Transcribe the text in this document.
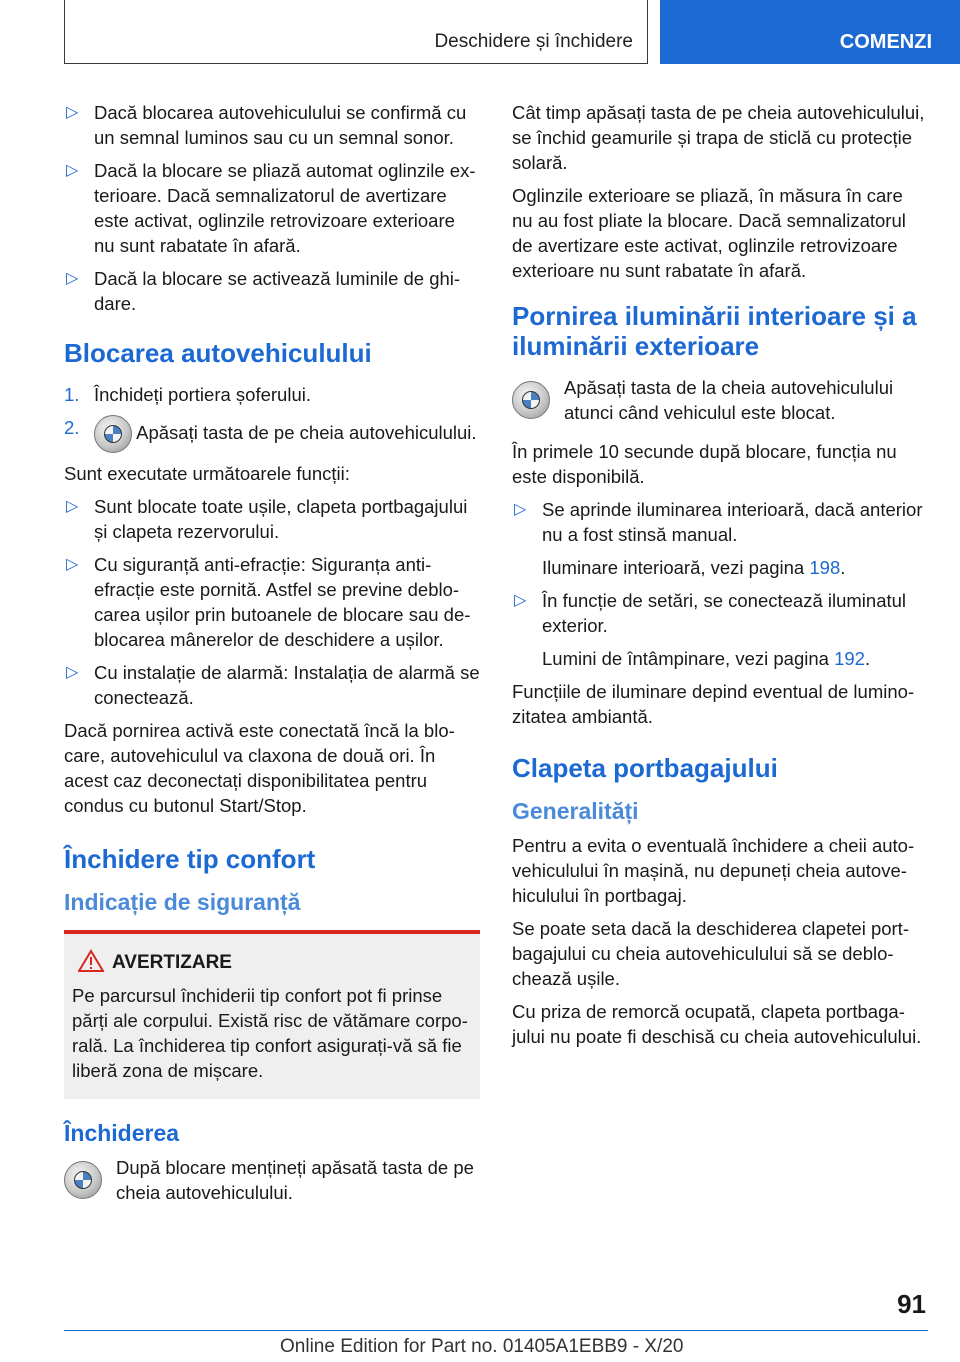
Deschidere și închidere	COMENZI
▷ Dacă blocarea autovehiculului se confirmă cu un semnal luminos sau cu un semnal sonor.
▷ Dacă la blocare se pliază automat oglinzile exterioare. Dacă semnalizatorul de avertizare este activat, oglinzile retrovizoare exterioare nu sunt rabatate în afară.
▷ Dacă la blocare se activează luminile de ghidare.
Blocarea autovehiculului
1. Închideți portiera șoferului.
2.	Apăsați tasta de pe cheia autovehiculului.

Sunt executate următoarele funcții:

▷ Sunt blocate toate ușile, clapeta portbagajului și clapeta rezervorului.
▷ Cu siguranță anti-efracție: Siguranța anti-efracție este pornită. Astfel se previne deblocarea ușilor prin butoanele de blocare sau deblocarea mânerelor de deschidere a ușilor.
▷ Cu instalație de alarmă: Instalația de alarmă se conectează.

Dacă pornirea activă este conectată încă la blocare, autovehiculul va claxona de două ori. În acest caz deconectați disponibilitatea pentru condus cu butonul Start/Stop.

Închidere tip confort
Indicație de siguranță
AVERTIZARE
Pe parcursul închiderii tip confort pot fi prinse părți ale corpului. Există risc de vătămare corporală. La închiderea tip confort asigurați-vă să fie liberă zona de mișcare.
Închiderea
După blocare mențineți apăsată tasta de pe cheia autovehiculului.

Cât timp apăsați tasta de pe cheia autovehiculului, se închid geamurile și trapa de sticlă cu protecție solară.

Oglinzile exterioare se pliază, în măsura în care nu au fost pliate la blocare. Dacă semnalizatorul de avertizare este activat, oglinzile retrovizoare exterioare nu sunt rabatate în afară.

Pornirea iluminării interioare și a iluminării exterioare
Apăsați tasta de la cheia autovehiculului atunci când vehiculul este blocat.

În primele 10 secunde după blocare, funcția nu este disponibilă.

▷ Se aprinde iluminarea interioară, dacă anterior nu a fost stinsă manual.
Iluminare interioară, vezi pagina 198.
▷ În funcție de setări, se conectează iluminatul exterior.
Lumini de întâmpinare, vezi pagina 192.

Funcțiile de iluminare depind eventual de luminozitatea ambiantă.

Clapeta portbagajului
Generalități

Pentru a evita o eventuală închidere a cheii autovehiculului în mașină, nu depuneți cheia autovehiculului în portbagaj.

Se poate seta dacă la deschiderea clapetei portbagajului cu cheia autovehiculului să se deblochează ușile.

Cu priza de remorcă ocupată, clapeta portbagajului nu poate fi deschisă cu cheia autovehiculului.

91
Online Edition for Part no. 01405A1EBB9 - X/20
